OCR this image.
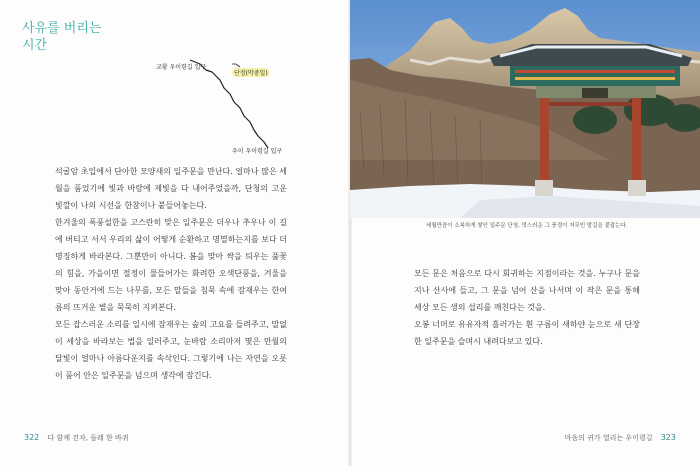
사유를 버리는
시간
교황 우이령길 입구
단정(막중일)
우이 우이령길 입구

석굴암 초입에서 단아한 모양새의 일주문을 만난다. 얼마나 많은 세월을 품었기에 빛과 바람에 제빛을 다 내어주었을까, 단청의 고운 빛깔이 나의 시선을 한참이나 붙들어놓는다.

한겨울의 폭풍설한을 고스란히 맞은 일주문은 더우나 추우나 이 길에 버티고 서서 우리의 삶이 어떻게 순환하고 명멸하는지를 보다 더 명징하게 바라본다. 그뿐만이 아니다. 봄을 맞아 싹을 틔우는 풀꽃의 힘을, 가을이면 절정이 물들어가는 화려한 오색단풍을, 겨울을 맞아 동안거에 드는 나무를, 모든 말들을 침묵 속에 잠재우는 한여름의 뜨거운 볕을 묵묵히 지켜본다.

모든 잡스러운 소리를 일시에 잠재우는 숲의 고요를 들려주고, 말없이 세상을 바라보는 법을 일러주고, 눈바람 소리마저 몇은 만월의 달빛이 얼마나 아름다운지를 속삭인다. 그렇기에 나는 자연을 오롯이 품어 안은 일주문을 넘으며 생각에 잠긴다.

322 다 함께 걷자, 들레 한 바퀴
세월만큼이 소복하게 쌓인 일주문 단청, 멋스러운 그 풍경이 저무빈 발길을 붙잡는다.

모든 문은 처음으로 다시 회귀하는 지점이라는 것을. 누구나 문을 지나 산사에 들고, 그 문을 넘어 산을 나서며 이 작은 문을 통해 세상 모든 생의 섭리를 깨친다는 것을.

오봉 너머로 유유자적 흘러가는 흰 구름이 새하얀 눈으로 새 단장한 일주문을 슬며시 내려다보고 있다.

마음의 귀가 열리는 우이령길 323
